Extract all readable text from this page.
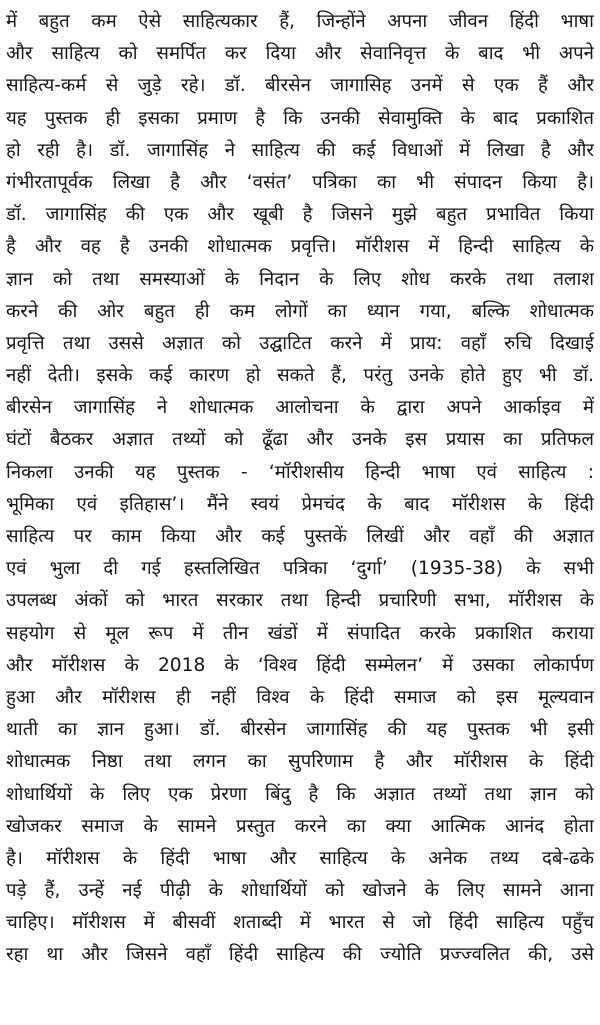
में बहुत कम ऐसे साहित्यकार हैं, जिन्होंने अपना जीवन हिंदी भाषा
और साहित्य को समर्पित कर दिया और सेवानिवृत्त के बाद भी अपने
साहित्य-कर्म से जुड़े रहे। डॉ. बीरसेन जागासिह उनमें से एक हैं और
यह पुस्तक ही इसका प्रमाण है कि उनकी सेवामुक्ति के बाद प्रकाशित
हो रही है। डॉ. जागासिंह ने साहित्य की कई विधाओं में लिखा है और
गंभीरतापूर्वक लिखा है और ‘वसंत’ पत्रिका का भी संपादन किया है।
डॉ. जागासिंह की एक और खूबी है जिसने मुझे बहुत प्रभावित किया
है और वह है उनकी शोधात्मक प्रवृत्ति। मॉरीशस में हिन्दी साहित्य के
ज्ञान को तथा समस्याओं के निदान के लिए शोध करके तथा तलाश
करने की ओर बहुत ही कम लोगों का ध्यान गया, बल्कि शोधात्मक
प्रवृत्ति तथा उससे अज्ञात को उद्घाटित करने में प्राय: वहाँ रुचि दिखाई
नहीं देती। इसके कई कारण हो सकते हैं, परंतु उनके होते हुए भी डॉ.
बीरसेन जागासिंह ने शोधात्मक आलोचना के द्वारा अपने आर्काइव में
घंटों बैठकर अज्ञात तथ्यों को ढूँढा और उनके इस प्रयास का प्रतिफल
निकला उनकी यह पुस्तक - ‘मॉरीशसीय हिन्दी भाषा एवं साहित्य :
भूमिका एवं इतिहास’। मैंने स्वयं प्रेमचंद के बाद मॉरीशस के हिंदी
साहित्य पर काम किया और कई पुस्तकें लिखीं और वहाँ की अज्ञात
एवं भुला दी गई हस्तलिखित पत्रिका ‘दुर्गा’ (1935-38) के सभी
उपलब्ध अंकों को भारत सरकार तथा हिन्दी प्रचारिणी सभा, मॉरीशस के
सहयोग से मूल रूप में तीन खंडों में संपादित करके प्रकाशित कराया
और मॉरीशस के 2018 के ‘विश्व हिंदी सम्मेलन’ में उसका लोकार्पण
हुआ और मॉरीशस ही नहीं विश्व के हिंदी समाज को इस मूल्यवान
थाती का ज्ञान हुआ। डॉ. बीरसेन जागासिंह की यह पुस्तक भी इसी
शोधात्मक निष्ठा तथा लगन का सुपरिणाम है और मॉरीशस के हिंदी
शोधार्थियों के लिए एक प्रेरणा बिंदु है कि अज्ञात तथ्यों तथा ज्ञान को
खोजकर समाज के सामने प्रस्तुत करने का क्या आत्मिक आनंद होता
है। मॉरीशस के हिंदी भाषा और साहित्य के अनेक तथ्य दबे-ढके
पड़े हैं, उन्हें नई पीढ़ी के शोधार्थियों को खोजने के लिए सामने आना
चाहिए। मॉरीशस में बीसवीं शताब्दी में भारत से जो हिंदी साहित्य पहुँच
रहा था और जिसने वहाँ हिंदी साहित्य की ज्योति प्रज्ज्वलित की, उसे
